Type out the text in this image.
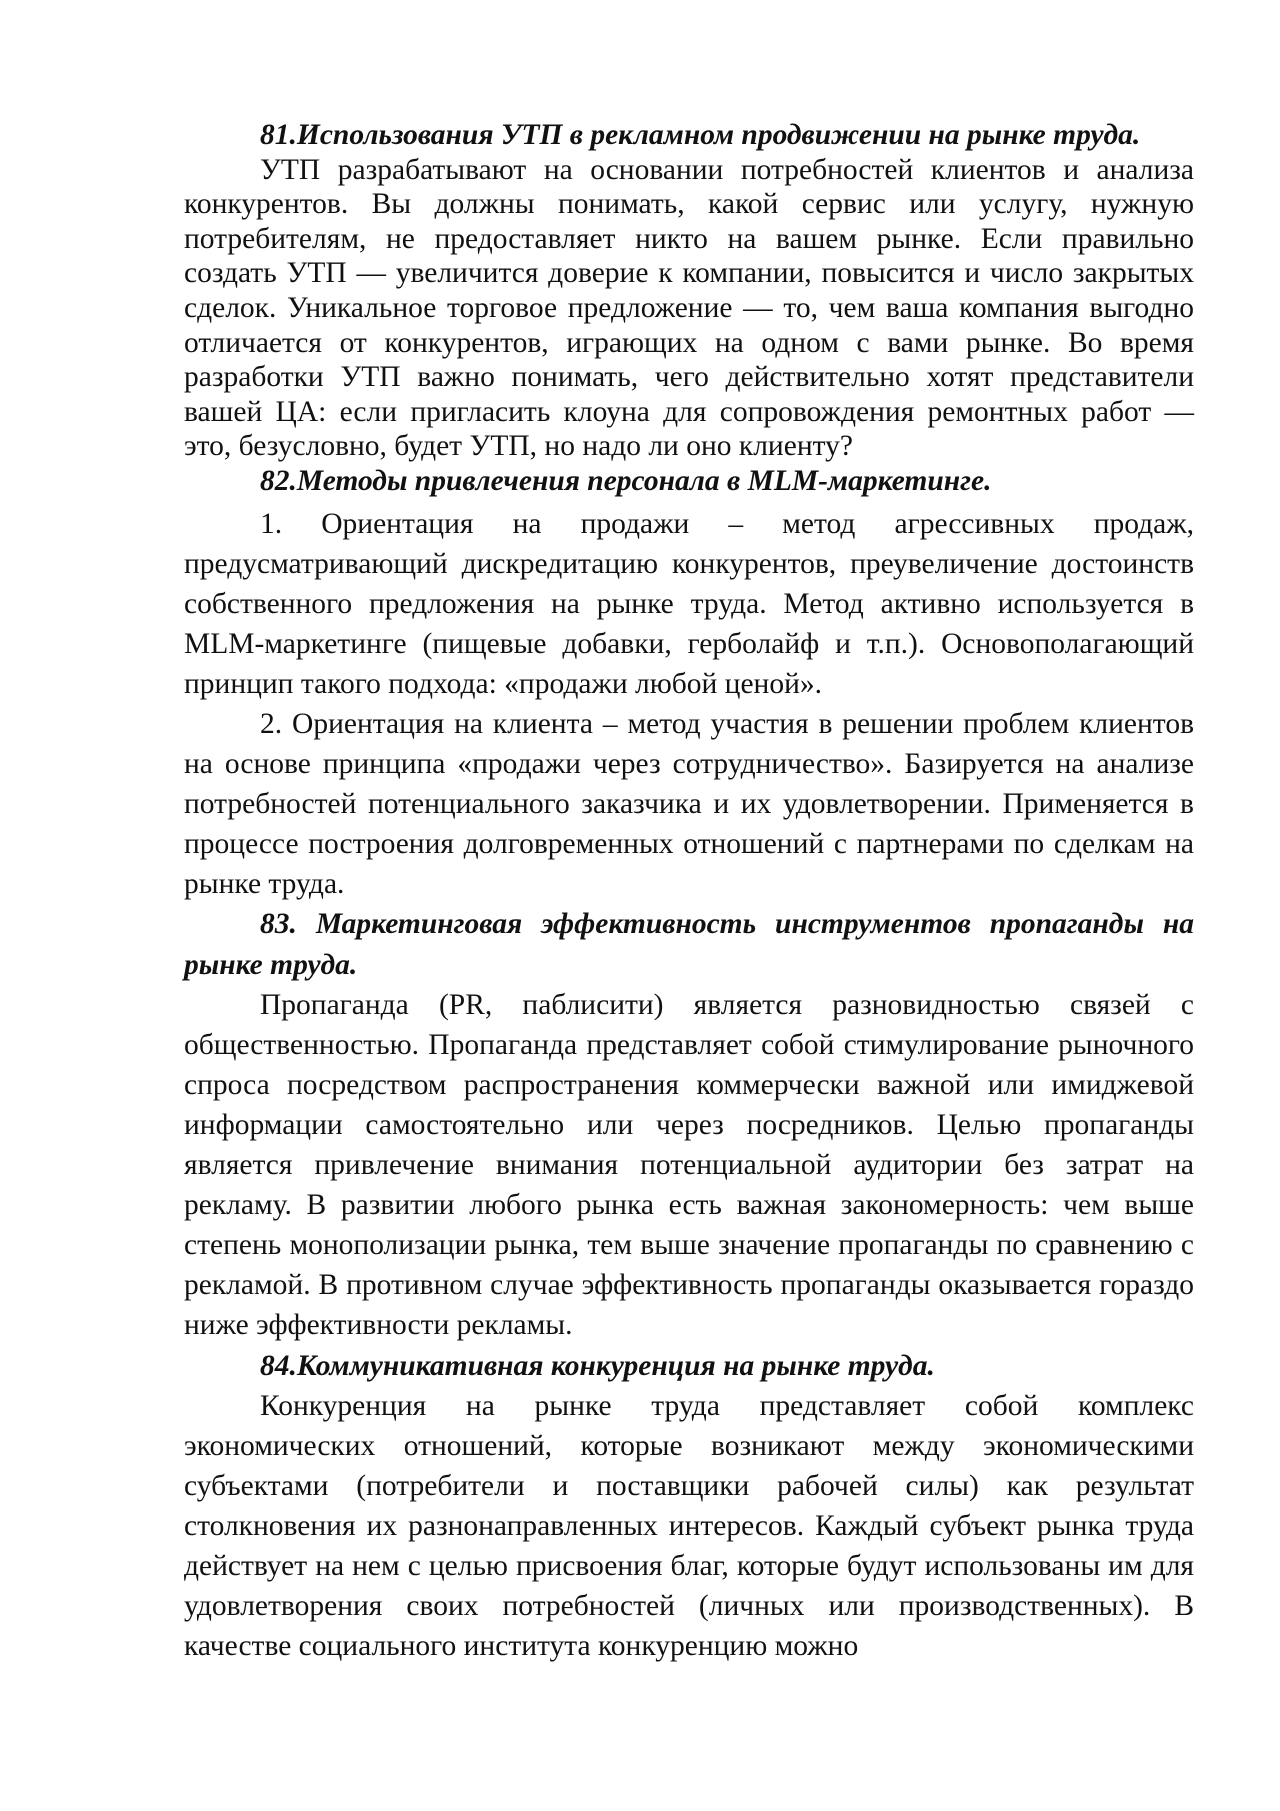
81.Использования УТП в рекламном продвижении на рынке труда.

УТП разрабатывают на основании потребностей клиентов и анализа конкурентов. Вы должны понимать, какой сервис или услугу, нужную потребителям, не предоставляет никто на вашем рынке. Если правильно создать УТП — увеличится доверие к компании, повысится и число закрытых сделок. Уникальное торговое предложение — то, чем ваша компания выгодно отличается от конкурентов, играющих на одном с вами рынке. Во время разработки УТП важно понимать, чего действительно хотят представители вашей ЦА: если пригласить клоуна для сопровождения ремонтных работ — это, безусловно, будет УТП, но надо ли оно клиенту?

82.Методы привлечения персонала в MLM-маркетинге.

1. Ориентация на продажи – метод агрессивных продаж, предусматривающий дискредитацию конкурентов, преувеличение достоинств собственного предложения на рынке труда. Метод активно используется в MLM-маркетинге (пищевые добавки, герболайф и т.п.). Основополагающий принцип такого подхода: «продажи любой ценой».

2. Ориентация на клиента – метод участия в решении проблем клиентов на основе принципа «продажи через сотрудничество». Базируется на анализе потребностей потенциального заказчика и их удовлетворении. Применяется в процессе построения долговременных отношений с партнерами по сделкам на рынке труда.

83. Маркетинговая эффективность инструментов пропаганды на рынке труда.

Пропаганда (PR, паблисити) является разновидностью связей с общественностью. Пропаганда представляет собой стимулирование рыночного спроса посредством распространения коммерчески важной или имиджевой информации самостоятельно или через посредников. Целью пропаганды является привлечение внимания потенциальной аудитории без затрат на рекламу. В развитии любого рынка есть важная закономерность: чем выше степень монополизации рынка, тем выше значение пропаганды по сравнению с рекламой. В противном случае эффективность пропаганды оказывается гораздо ниже эффективности рекламы.

84.Коммуникативная конкуренция на рынке труда.

Конкуренция на рынке труда представляет собой комплекс экономических отношений, которые возникают между экономическими субъектами (потребители и поставщики рабочей силы) как результат столкновения их разнонаправленных интересов. Каждый субъект рынка труда действует на нем с целью присвоения благ, которые будут использованы им для удовлетворения своих потребностей (личных или производственных). В качестве социального института конкуренцию можно
